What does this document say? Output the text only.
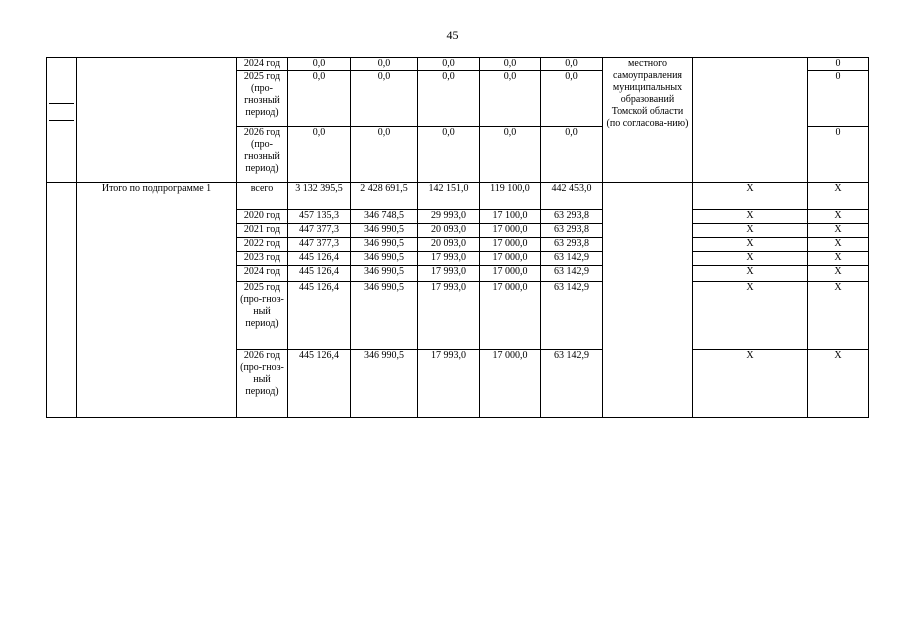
45
		2024 год	0,0	0,0	0,0	0,0	0,0	местного самоуправления муниципальных образований Томской области (по согласова-нию)		0
		2025 год (про-гнозный период)	0,0	0,0	0,0	0,0	0,0			0
		2026 год (про-гнозный период)	0,0	0,0	0,0	0,0	0,0			0
	Итого по подпрограмме 1	всего	3 132 395,5	2 428 691,5	142 151,0	119 100,0	442 453,0		X	X
		2020 год	457 135,3	346 748,5	29 993,0	17 100,0	63 293,8		X	X
		2021 год	447 377,3	346 990,5	20 093,0	17 000,0	63 293,8		X	X
		2022 год	447 377,3	346 990,5	20 093,0	17 000,0	63 293,8		X	X
		2023 год	445 126,4	346 990,5	17 993,0	17 000,0	63 142,9		X	X
		2024 год	445 126,4	346 990,5	17 993,0	17 000,0	63 142,9		X	X
		2025 год (про-гноз-ный период)	445 126,4	346 990,5	17 993,0	17 000,0	63 142,9		X	X
		2026 год (про-гноз-ный период)	445 126,4	346 990,5	17 993,0	17 000,0	63 142,9		X	X
